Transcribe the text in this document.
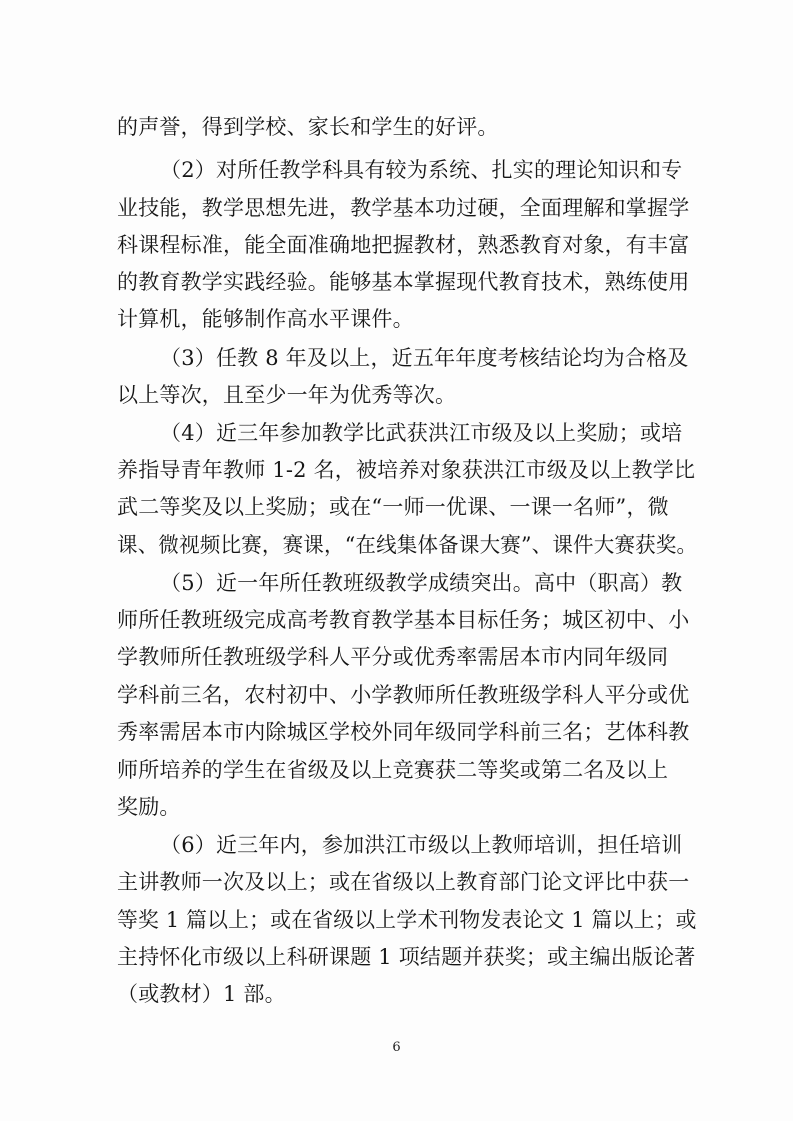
的声誉，得到学校、家长和学生的好评。
（2）对所任教学科具有较为系统、扎实的理论知识和专
业技能，教学思想先进，教学基本功过硬，全面理解和掌握学
科课程标准，能全面准确地把握教材，熟悉教育对象，有丰富
的教育教学实践经验。能够基本掌握现代教育技术，熟练使用
计算机，能够制作高水平课件。
（3）任教 8 年及以上，近五年年度考核结论均为合格及
以上等次，且至少一年为优秀等次。
（4）近三年参加教学比武获洪江市级及以上奖励；或培
养指导青年教师 1-2 名，被培养对象获洪江市级及以上教学比
武二等奖及以上奖励；或在“一师一优课、一课一名师”，微
课、微视频比赛，赛课，“在线集体备课大赛”、课件大赛获奖。
（5）近一年所任教班级教学成绩突出。高中（职高）教
师所任教班级完成高考教育教学基本目标任务；城区初中、小
学教师所任教班级学科人平分或优秀率需居本市内同年级同
学科前三名，农村初中、小学教师所任教班级学科人平分或优
秀率需居本市内除城区学校外同年级同学科前三名；艺体科教
师所培养的学生在省级及以上竞赛获二等奖或第二名及以上
奖励。
（6）近三年内，参加洪江市级以上教师培训，担任培训
主讲教师一次及以上；或在省级以上教育部门论文评比中获一
等奖 1 篇以上；或在省级以上学术刊物发表论文 1 篇以上；或
主持怀化市级以上科研课题 1 项结题并获奖；或主编出版论著
（或教材）1 部。
6
